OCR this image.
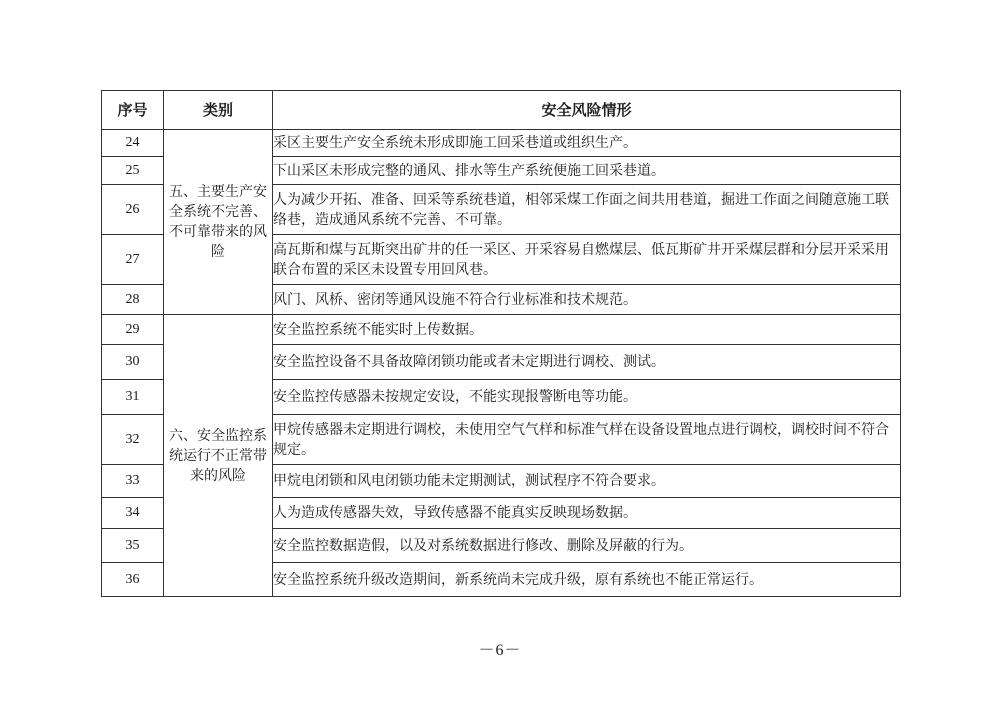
序号	类别	安全风险情形
24	五、主要生产安全系统不完善、不可靠带来的风险	采区主要生产安全系统未形成即施工回采巷道或组织生产。
25		下山采区未形成完整的通风、排水等生产系统便施工回采巷道。
26		人为减少开拓、准备、回采等系统巷道，相邻采煤工作面之间共用巷道，掘进工作面之间随意施工联络巷，造成通风系统不完善、不可靠。
27		高瓦斯和煤与瓦斯突出矿井的任一采区、开采容易自燃煤层、低瓦斯矿井开采煤层群和分层开采采用联合布置的采区未设置专用回风巷。
28		风门、风桥、密闭等通风设施不符合行业标准和技术规范。
29	六、安全监控系统运行不正常带来的风险	安全监控系统不能实时上传数据。
30		安全监控设备不具备故障闭锁功能或者未定期进行调校、测试。
31		安全监控传感器未按规定安设，不能实现报警断电等功能。
32		甲烷传感器未定期进行调校，未使用空气气样和标准气样在设备设置地点进行调校，调校时间不符合规定。
33		甲烷电闭锁和风电闭锁功能未定期测试，测试程序不符合要求。
34		人为造成传感器失效，导致传感器不能真实反映现场数据。
35		安全监控数据造假，以及对系统数据进行修改、删除及屏蔽的行为。
36		安全监控系统升级改造期间，新系统尚未完成升级，原有系统也不能正常运行。
－6－
